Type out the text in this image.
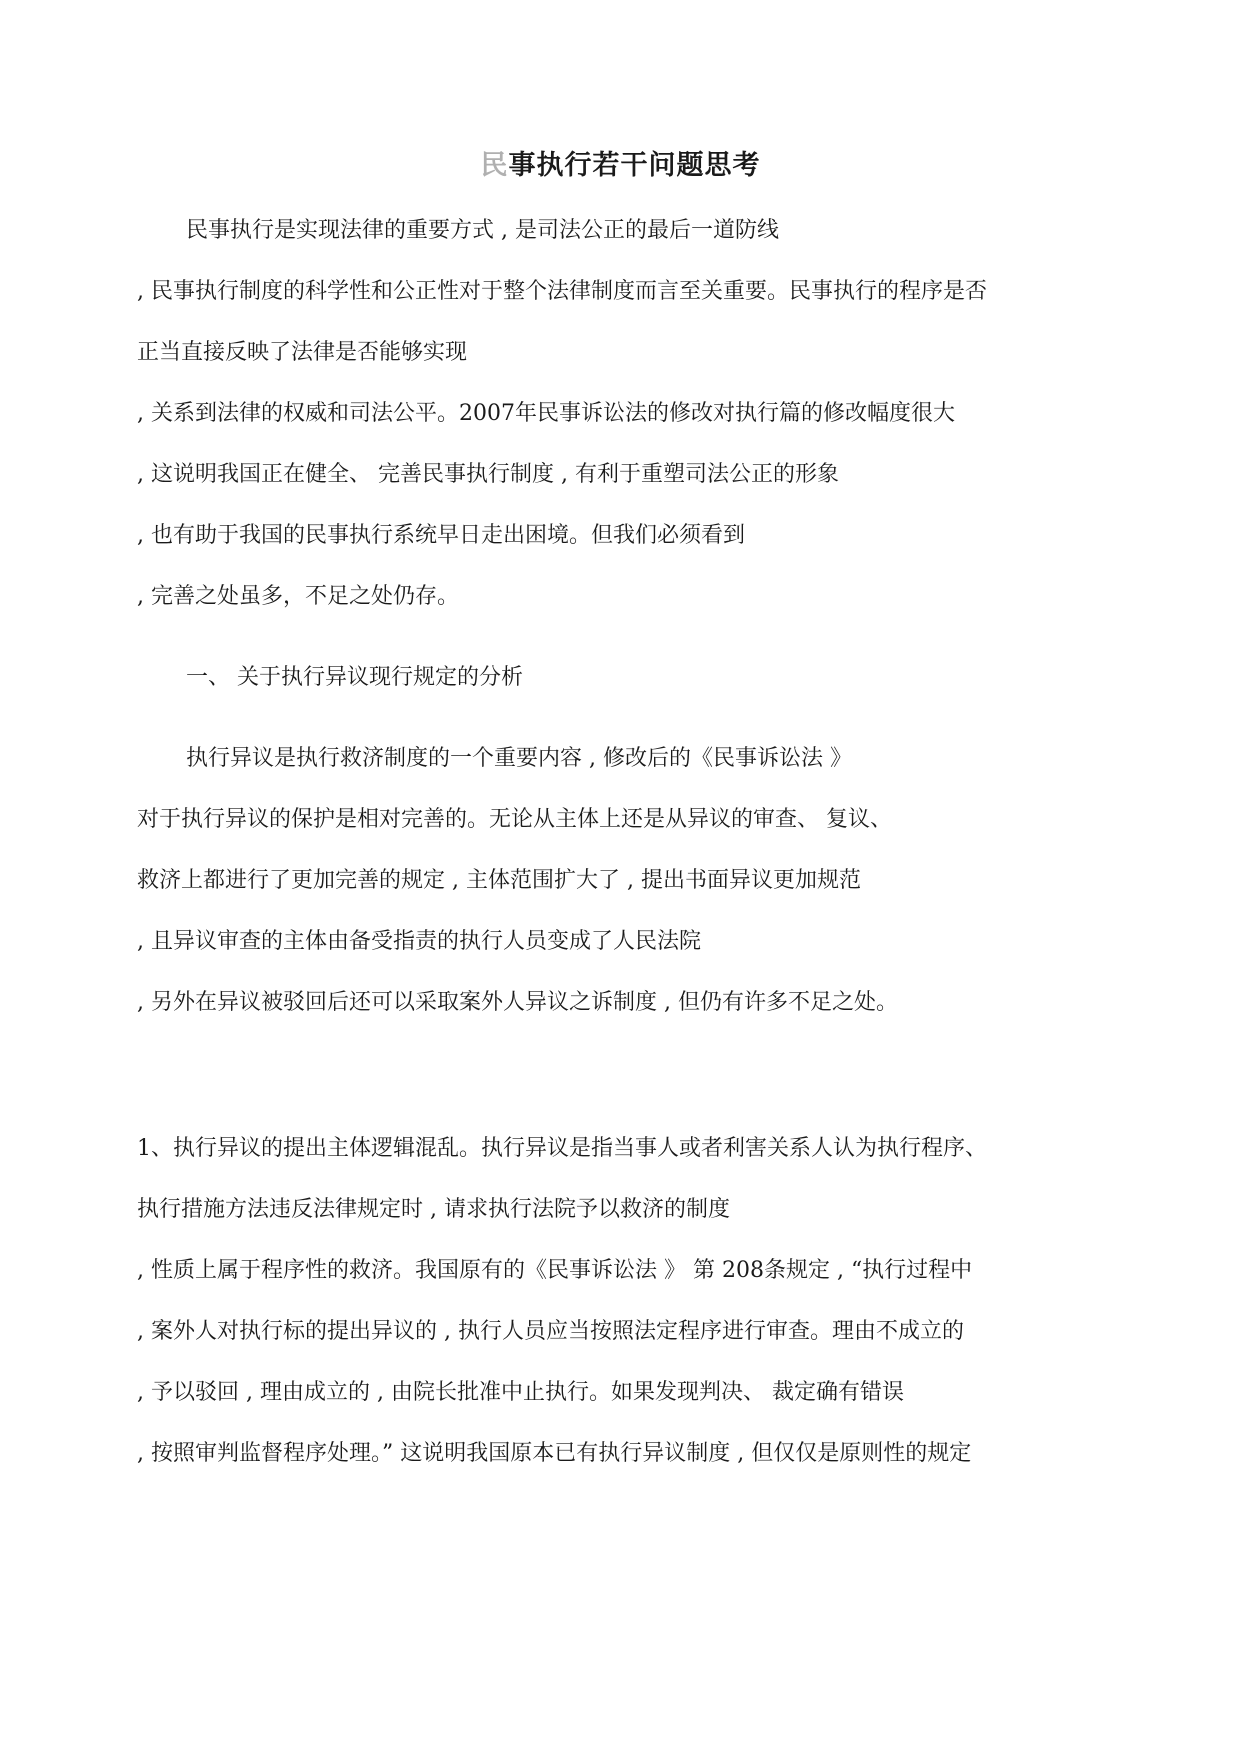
民事执行若干问题思考
民事执行是实现法律的重要方式 , 是司法公正的最后一道防线
, 民事执行制度的科学性和公正性对于整个法律制度而言至关重要。民事执行的程序是否
正当直接反映了法律是否能够实现
, 关系到法律的权威和司法公平。2007年民事诉讼法的修改对执行篇的修改幅度很大
, 这说明我国正在健全、 完善民事执行制度 , 有利于重塑司法公正的形象
, 也有助于我国的民事执行系统早日走出困境。但我们必须看到
, 完善之处虽多，不足之处仍存。
一、 关于执行异议现行规定的分析
执行异议是执行救济制度的一个重要内容 , 修改后的《民事诉讼法 》
对于执行异议的保护是相对完善的。无论从主体上还是从异议的审查、 复议、
救济上都进行了更加完善的规定 , 主体范围扩大了 , 提出书面异议更加规范
, 且异议审查的主体由备受指责的执行人员变成了人民法院
, 另外在异议被驳回后还可以采取案外人异议之诉制度 , 但仍有许多不足之处。
1、执行异议的提出主体逻辑混乱。执行异议是指当事人或者利害关系人认为执行程序、
执行措施方法违反法律规定时 , 请求执行法院予以救济的制度
, 性质上属于程序性的救济。我国原有的《民事诉讼法 》 第 208条规定 , “执行过程中
, 案外人对执行标的提出异议的 , 执行人员应当按照法定程序进行审查。理由不成立的
, 予以驳回 , 理由成立的 , 由院长批准中止执行。如果发现判决、 裁定确有错误
, 按照审判监督程序处理。” 这说明我国原本已有执行异议制度 , 但仅仅是原则性的规定
